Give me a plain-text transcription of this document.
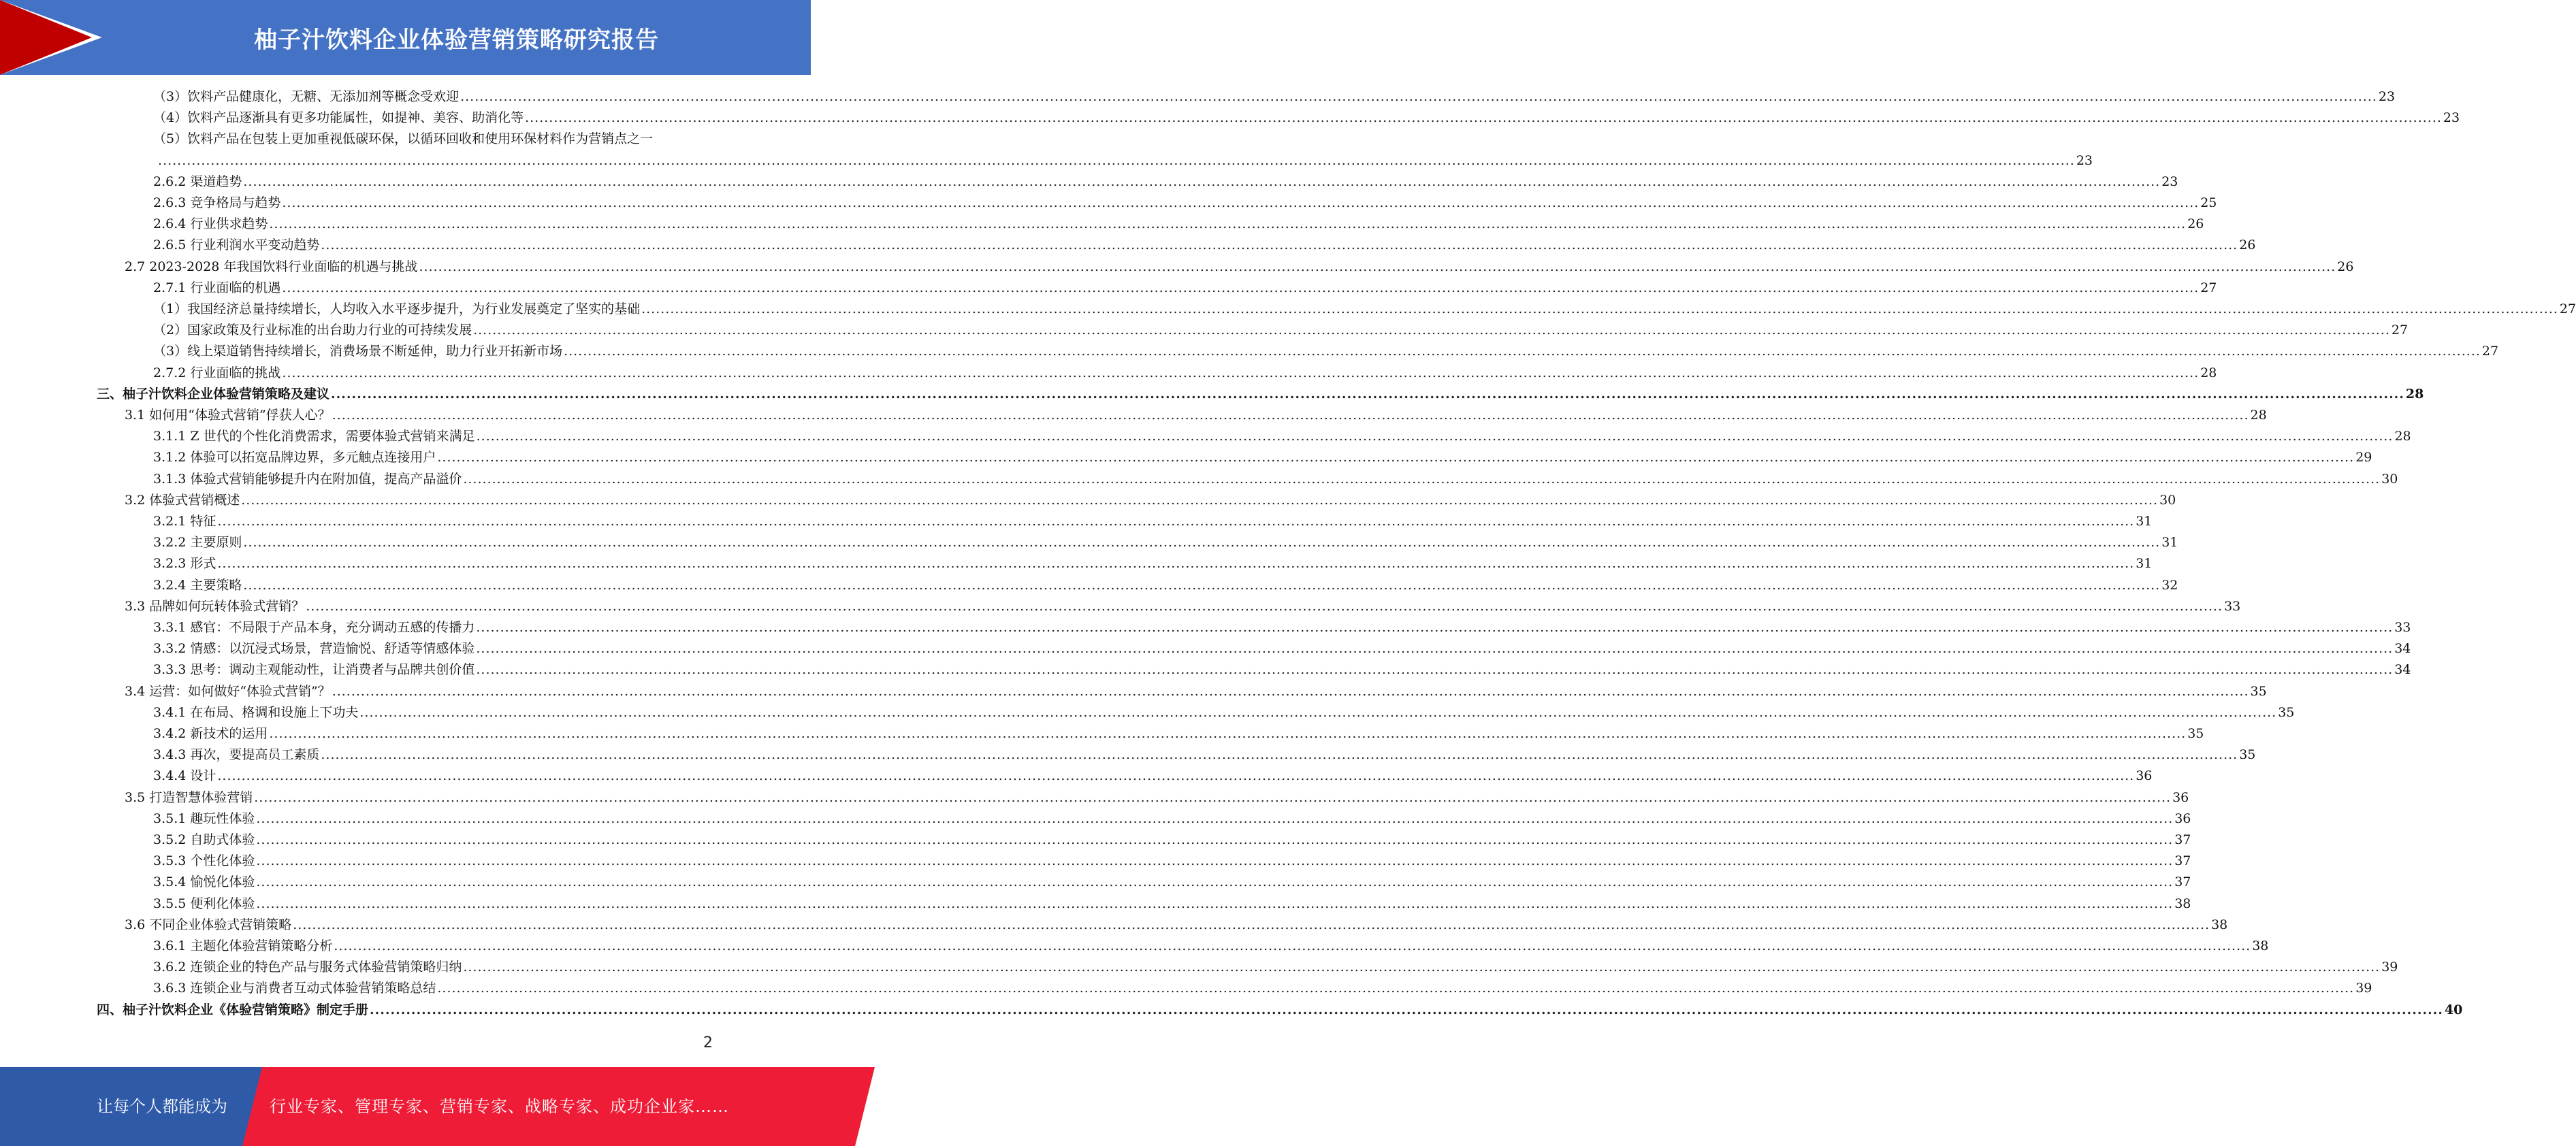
柚子汁饮料企业体验营销策略研究报告
（3）饮料产品健康化，无糖、无添加剂等概念受欢迎 ................................................................................................................................................................................................................................................................................................................................................................................................................ 23
（4）饮料产品逐渐具有更多功能属性，如提神、美容、助消化等 ................................................................................................................................................................................................................................................................................................................................................................................................................ 23
（5）饮料产品在包装上更加重视低碳环保，以循环回收和使用环保材料作为营销点之一
................................................................................................................................................................................................................................................................................................................................................................................................................ 23
2.6.2 渠道趋势 ................................................................................................................................................................................................................................................................................................................................................................................................................ 23
2.6.3 竞争格局与趋势 ................................................................................................................................................................................................................................................................................................................................................................................................................ 25
2.6.4 行业供求趋势 ................................................................................................................................................................................................................................................................................................................................................................................................................ 26
2.6.5 行业利润水平变动趋势 ................................................................................................................................................................................................................................................................................................................................................................................................................ 26
2.7 2023-2028 年我国饮料行业面临的机遇与挑战 ................................................................................................................................................................................................................................................................................................................................................................................................................ 26
2.7.1 行业面临的机遇 ................................................................................................................................................................................................................................................................................................................................................................................................................ 27
（1）我国经济总量持续增长，人均收入水平逐步提升，为行业发展奠定了坚实的基础 ................................................................................................................................................................................................................................................................................................................................................................................................................ 27
（2）国家政策及行业标准的出台助力行业的可持续发展 ................................................................................................................................................................................................................................................................................................................................................................................................................ 27
（3）线上渠道销售持续增长，消费场景不断延伸，助力行业开拓新市场 ................................................................................................................................................................................................................................................................................................................................................................................................................ 27
2.7.2 行业面临的挑战 ................................................................................................................................................................................................................................................................................................................................................................................................................ 28
三、柚子汁饮料企业体验营销策略及建议 ................................................................................................................................................................................................................................................................................................................................................................................................................ 28
3.1 如何用“体验式营销”俘获人心？ ................................................................................................................................................................................................................................................................................................................................................................................................................ 28
3.1.1 Z 世代的个性化消费需求，需要体验式营销来满足 ................................................................................................................................................................................................................................................................................................................................................................................................................ 28
3.1.2 体验可以拓宽品牌边界，多元触点连接用户 ................................................................................................................................................................................................................................................................................................................................................................................................................ 29
3.1.3 体验式营销能够提升内在附加值，提高产品溢价 ................................................................................................................................................................................................................................................................................................................................................................................................................ 30
3.2 体验式营销概述 ................................................................................................................................................................................................................................................................................................................................................................................................................ 30
3.2.1 特征 ................................................................................................................................................................................................................................................................................................................................................................................................................ 31
3.2.2 主要原则 ................................................................................................................................................................................................................................................................................................................................................................................................................ 31
3.2.3 形式 ................................................................................................................................................................................................................................................................................................................................................................................................................ 31
3.2.4 主要策略 ................................................................................................................................................................................................................................................................................................................................................................................................................ 32
3.3 品牌如何玩转体验式营销？ ................................................................................................................................................................................................................................................................................................................................................................................................................ 33
3.3.1 感官：不局限于产品本身，充分调动五感的传播力 ................................................................................................................................................................................................................................................................................................................................................................................................................ 33
3.3.2 情感：以沉浸式场景，营造愉悦、舒适等情感体验 ................................................................................................................................................................................................................................................................................................................................................................................................................ 34
3.3.3 思考：调动主观能动性，让消费者与品牌共创价值 ................................................................................................................................................................................................................................................................................................................................................................................................................ 34
3.4 运营：如何做好“体验式营销”？ ................................................................................................................................................................................................................................................................................................................................................................................................................ 35
3.4.1 在布局、格调和设施上下功夫 ................................................................................................................................................................................................................................................................................................................................................................................................................ 35
3.4.2 新技术的运用 ................................................................................................................................................................................................................................................................................................................................................................................................................ 35
3.4.3 再次，要提高员工素质 ................................................................................................................................................................................................................................................................................................................................................................................................................ 35
3.4.4 设计 ................................................................................................................................................................................................................................................................................................................................................................................................................ 36
3.5 打造智慧体验营销 ................................................................................................................................................................................................................................................................................................................................................................................................................ 36
3.5.1 趣玩性体验 ................................................................................................................................................................................................................................................................................................................................................................................................................ 36
3.5.2 自助式体验 ................................................................................................................................................................................................................................................................................................................................................................................................................ 37
3.5.3 个性化体验 ................................................................................................................................................................................................................................................................................................................................................................................................................ 37
3.5.4 愉悦化体验 ................................................................................................................................................................................................................................................................................................................................................................................................................ 37
3.5.5 便利化体验 ................................................................................................................................................................................................................................................................................................................................................................................................................ 38
3.6 不同企业体验式营销策略 ................................................................................................................................................................................................................................................................................................................................................................................................................ 38
3.6.1 主题化体验营销策略分析 ................................................................................................................................................................................................................................................................................................................................................................................................................ 38
3.6.2 连锁企业的特色产品与服务式体验营销策略归纳 ................................................................................................................................................................................................................................................................................................................................................................................................................ 39
3.6.3 连锁企业与消费者互动式体验营销策略总结 ................................................................................................................................................................................................................................................................................................................................................................................................................ 39
四、柚子汁饮料企业《体验营销策略》制定手册 ................................................................................................................................................................................................................................................................................................................................................................................................................ 40
2
让每个人都能成为	行业专家、管理专家、营销专家、战略专家、成功企业家……
